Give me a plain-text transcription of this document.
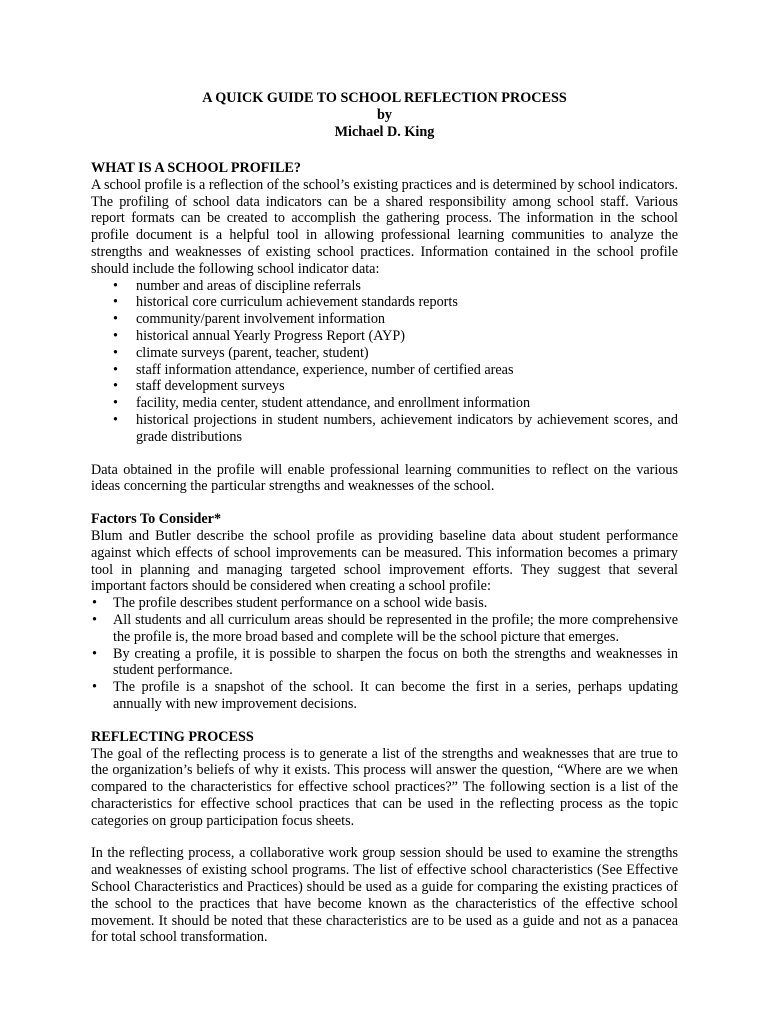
A QUICK GUIDE TO SCHOOL REFLECTION PROCESS
by
Michael D. King
WHAT IS A SCHOOL PROFILE?

A school profile is a reflection of the school’s existing practices and is determined by school indicators. The profiling of school data indicators can be a shared responsibility among school staff. Various report formats can be created to accomplish the gathering process. The information in the school profile document is a helpful tool in allowing professional learning communities to analyze the strengths and weaknesses of existing school practices. Information contained in the school profile should include the following school indicator data:

• number and areas of discipline referrals
• historical core curriculum achievement standards reports
• community/parent involvement information
• historical annual Yearly Progress Report (AYP)
• climate surveys (parent, teacher, student)
• staff information attendance, experience, number of certified areas
• staff development surveys
• facility, media center, student attendance, and enrollment information
• historical projections in student numbers, achievement indicators by achievement scores, and grade distributions

Data obtained in the profile will enable professional learning communities to reflect on the various ideas concerning the particular strengths and weaknesses of the school.

Factors To Consider*

Blum and Butler describe the school profile as providing baseline data about student performance against which effects of school improvements can be measured. This information becomes a primary tool in planning and managing targeted school improvement efforts. They suggest that several important factors should be considered when creating a school profile:

• The profile describes student performance on a school wide basis.
• All students and all curriculum areas should be represented in the profile; the more comprehensive the profile is, the more broad based and complete will be the school picture that emerges.
• By creating a profile, it is possible to sharpen the focus on both the strengths and weaknesses in student performance.
• The profile is a snapshot of the school. It can become the first in a series, perhaps updating annually with new improvement decisions.
REFLECTING PROCESS

The goal of the reflecting process is to generate a list of the strengths and weaknesses that are true to the organization’s beliefs of why it exists. This process will answer the question, “Where are we when compared to the characteristics for effective school practices?” The following section is a list of the characteristics for effective school practices that can be used in the reflecting process as the topic categories on group participation focus sheets.

In the reflecting process, a collaborative work group session should be used to examine the strengths and weaknesses of existing school programs. The list of effective school characteristics (See Effective School Characteristics and Practices) should be used as a guide for comparing the existing practices of the school to the practices that have become known as the characteristics of the effective school movement. It should be noted that these characteristics are to be used as a guide and not as a panacea for total school transformation.
